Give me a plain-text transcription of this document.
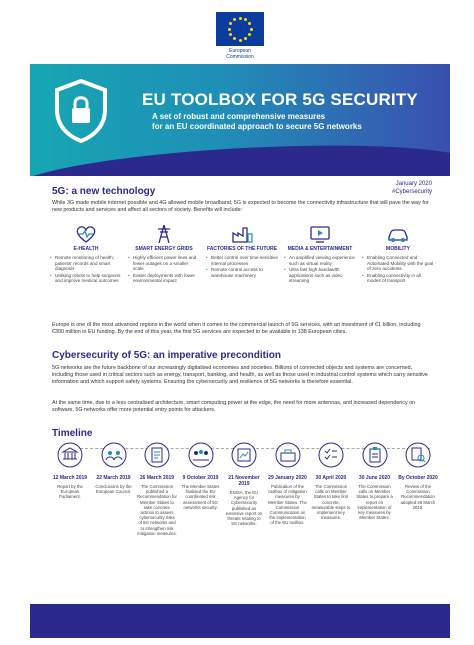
European
Commission
EU TOOLBOX FOR 5G SECURITY
A set of robust and comprehensive measures
for an EU coordinated approach to secure 5G networks
January 2020
#Cybersecurity
5G: a new technology
While 3G made mobile internet possible and 4G allowed mobile broadband, 5G is expected to become the connectivity infrastructure that will pave the way for new products and services and affect all sectors of society. Benefits will include:
E-HEALTH
• Remote monitoring of health; patients' records and smart diagnosis
• Utilising robots to help surgeons and improve medical outcomes
SMART ENERGY GRIDS
• Highly efficient power lines and fewer outages on a smaller scale
• Easier deployments with lower environmental impact
FACTORIES OF THE FUTURE
• Better control over time-sensitive internal processes
• Remote control access to warehouse machinery
MEDIA & ENTERTAINMENT
• An amplified viewing experience such as virtual reality
• Ultra fast high bandwidth applications such as video streaming
MOBILITY
• Enabling Connected and Automated Mobility with the goal of zero accidents
• Enabling connectivity in all modes of transport
Europe is one of the most advanced regions in the world when it comes to the commercial launch of 5G services, with an investment of €1 billion, including €300 million in EU funding. By the end of this year, the first 5G services are expected to be available in 138 European cities.
Cybersecurity of 5G: an imperative precondition
5G networks are the future backbone of our increasingly digitalised economies and societies. Billions of connected objects and systems are concerned, including those used in critical sectors such as energy, transport, banking, and health, as well as those used in industrial control systems which carry sensitive information and which support safety systems. Ensuring the cybersecurity and resilience of 5G networks is therefore essential.
At the same time, due to a less centralised architecture, smart computing power at the edge, the need for more antennas, and increased dependency on software, 5G networks offer more potential entry points for attackers.
Timeline
12 March 2019
Report by the European Parliament.
22 March 2019
Conclusions by the European Council.
26 March 2019
The Commission published a Recommendation for Member States to take concrete actions to assess cybersecurity risks of 5G networks and to strengthen risk mitigation measures.
9 October 2019
The Member States finalised the EU coordinated risk assessment of 5G networks security.
21 November 2019
ENISA, the EU Agency for Cybersecurity published an extensive report on threats relating to 5G networks.
29 January 2020
Publication of the toolbox of mitigation measures by Member States. The Commission Communication on the implementation of the EU toolbox.
30 April 2020
The Commission calls on Member States to take first concrete, measurable steps to implement key measures.
30 June 2020
The Commission calls on Member States to prepare a report on implementation of key measures by Member States.
By October 2020
Review of the Commission Recommendation adopted 26 March 2019.
